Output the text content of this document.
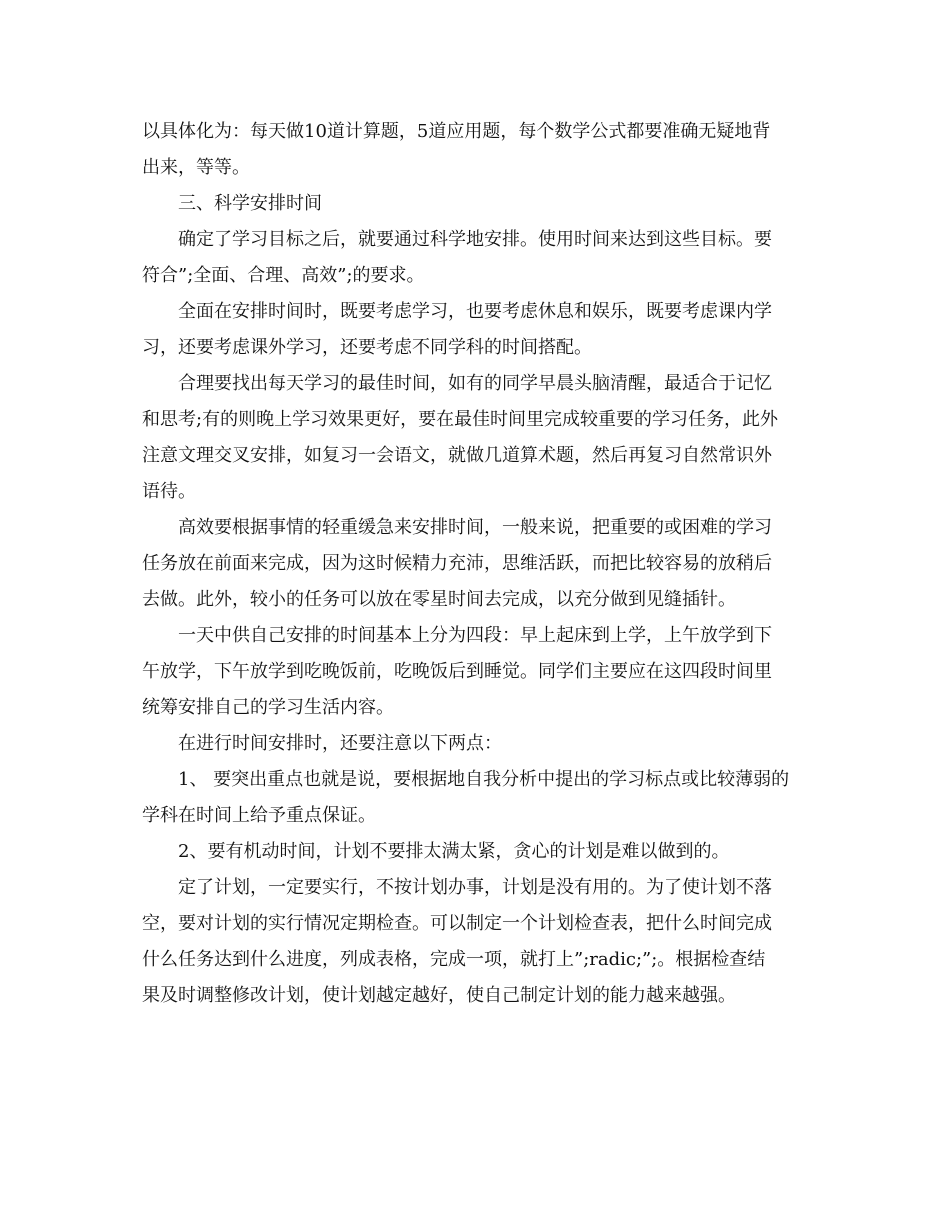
以具体化为：每天做10道计算题，5道应用题，每个数学公式都要准确无疑地背
出来，等等。

三、科学安排时间

确定了学习目标之后，就要通过科学地安排。使用时间来达到这些目标。要
符合”;全面、合理、高效”;的要求。

全面在安排时间时，既要考虑学习，也要考虑休息和娱乐，既要考虑课内学
习，还要考虑课外学习，还要考虑不同学科的时间搭配。

合理要找出每天学习的最佳时间，如有的同学早晨头脑清醒，最适合于记忆
和思考;有的则晚上学习效果更好，要在最佳时间里完成较重要的学习任务，此外
注意文理交叉安排，如复习一会语文，就做几道算术题，然后再复习自然常识外
语待。

高效要根据事情的轻重缓急来安排时间，一般来说，把重要的或困难的学习
任务放在前面来完成，因为这时候精力充沛，思维活跃，而把比较容易的放稍后
去做。此外，较小的任务可以放在零星时间去完成，以充分做到见缝插针。

一天中供自己安排的时间基本上分为四段：早上起床到上学，上午放学到下
午放学，下午放学到吃晚饭前，吃晚饭后到睡觉。同学们主要应在这四段时间里
统筹安排自己的学习生活内容。

在进行时间安排时，还要注意以下两点：

1、 要突出重点也就是说，要根据地自我分析中提出的学习标点或比较薄弱的
学科在时间上给予重点保证。

2、要有机动时间，计划不要排太满太紧，贪心的计划是难以做到的。

定了计划，一定要实行，不按计划办事，计划是没有用的。为了使计划不落
空，要对计划的实行情况定期检查。可以制定一个计划检查表，把什么时间完成
什么任务达到什么进度，列成表格，完成一项，就打上”;radic;”;。根据检查结
果及时调整修改计划，使计划越定越好，使自己制定计划的能力越来越强。
